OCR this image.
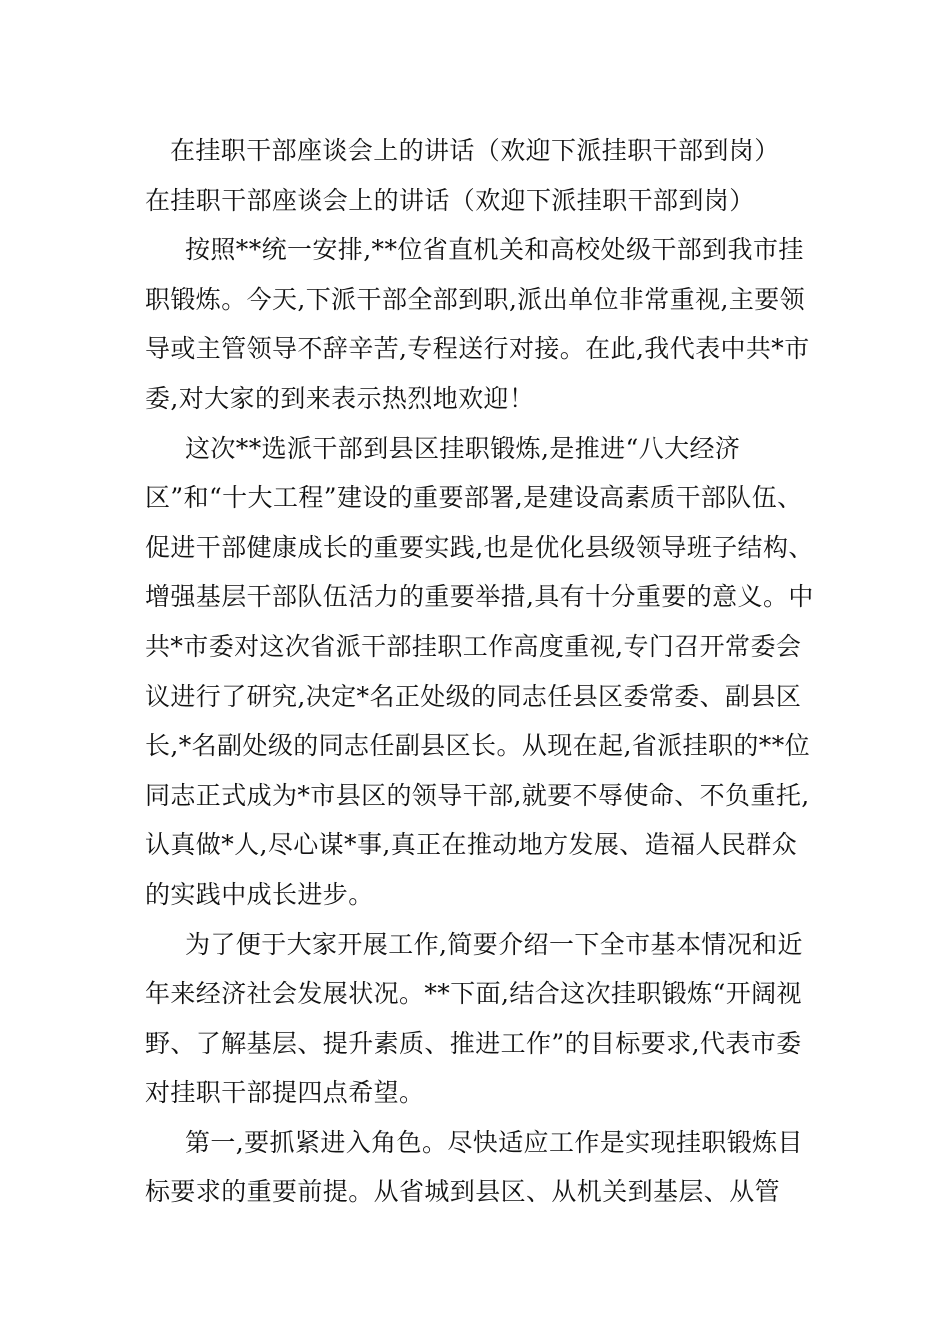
在挂职干部座谈会上的讲话（欢迎下派挂职干部到岗）
在挂职干部座谈会上的讲话（欢迎下派挂职干部到岗）

按照**统一安排,**位省直机关和高校处级干部到我市挂职锻炼。今天,下派干部全部到职,派出单位非常重视,主要领导或主管领导不辞辛苦,专程送行对接。在此,我代表中共*市委,对大家的到来表示热烈地欢迎！

这次**选派干部到县区挂职锻炼,是推进“八大经济区”和“十大工程”建设的重要部署,是建设高素质干部队伍、促进干部健康成长的重要实践,也是优化县级领导班子结构、增强基层干部队伍活力的重要举措,具有十分重要的意义。中共*市委对这次省派干部挂职工作高度重视,专门召开常委会议进行了研究,决定*名正处级的同志任县区委常委、副县区长,*名副处级的同志任副县区长。从现在起,省派挂职的**位同志正式成为*市县区的领导干部,就要不辱使命、不负重托,认真做*人,尽心谋*事,真正在推动地方发展、造福人民群众的实践中成长进步。

为了便于大家开展工作,简要介绍一下全市基本情况和近年来经济社会发展状况。**下面,结合这次挂职锻炼“开阔视野、了解基层、提升素质、推进工作”的目标要求,代表市委对挂职干部提四点希望。

第一,要抓紧进入角色。尽快适应工作是实现挂职锻炼目标要求的重要前提。从省城到县区、从机关到基层、从管
